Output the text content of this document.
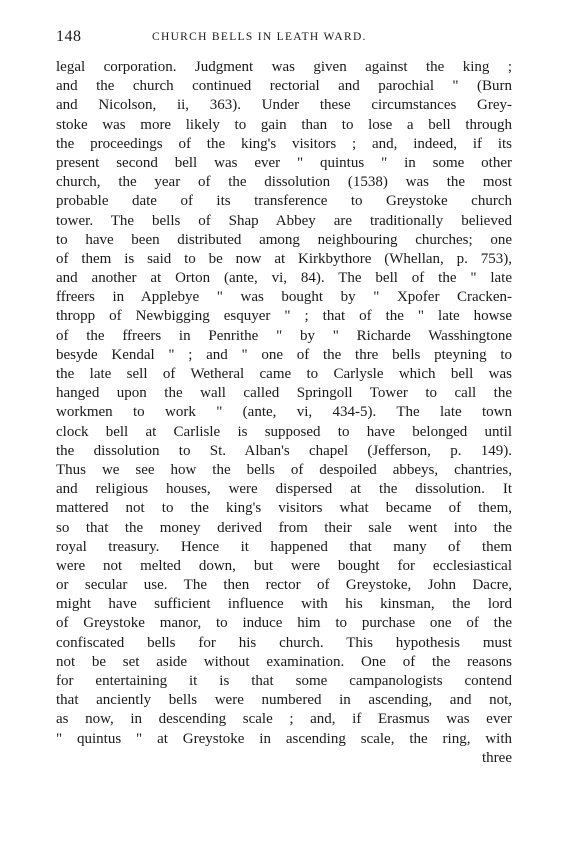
148	CHURCH BELLS IN LEATH WARD.
legal corporation. Judgment was given against the king ;
and the church continued rectorial and parochial " (Burn
and Nicolson, ii, 363). Under these circumstances Grey-
stoke was more likely to gain than to lose a bell through
the proceedings of the king's visitors ; and, indeed, if its
present second bell was ever " quintus " in some other
church, the year of the dissolution (1538) was the most
probable date of its transference to Greystoke church
tower. The bells of Shap Abbey are traditionally believed
to have been distributed among neighbouring churches; one
of them is said to be now at Kirkbythore (Whellan, p. 753),
and another at Orton (ante, vi, 84). The bell of the " late
ffreers in Applebye " was bought by " Xpofer Cracken-
thropp of Newbigging esquyer " ; that of the " late howse
of the ffreers in Penrithe " by " Richarde Wasshingtone
besyde Kendal " ; and " one of the thre bells pteyning to
the late sell of Wetheral came to Carlysle which bell was
hanged upon the wall called Springoll Tower to call the
workmen to work " (ante, vi, 434-5). The late town
clock bell at Carlisle is supposed to have belonged until
the dissolution to St. Alban's chapel (Jefferson, p. 149).
Thus we see how the bells of despoiled abbeys, chantries,
and religious houses, were dispersed at the dissolution. It
mattered not to the king's visitors what became of them,
so that the money derived from their sale went into the
royal treasury. Hence it happened that many of them
were not melted down, but were bought for ecclesiastical
or secular use. The then rector of Greystoke, John Dacre,
might have sufficient influence with his kinsman, the lord
of Greystoke manor, to induce him to purchase one of the
confiscated bells for his church. This hypothesis must
not be set aside without examination. One of the reasons
for entertaining it is that some campanologists contend
that anciently bells were numbered in ascending, and not,
as now, in descending scale ; and, if Erasmus was ever
" quintus " at Greystoke in ascending scale, the ring, with
three
